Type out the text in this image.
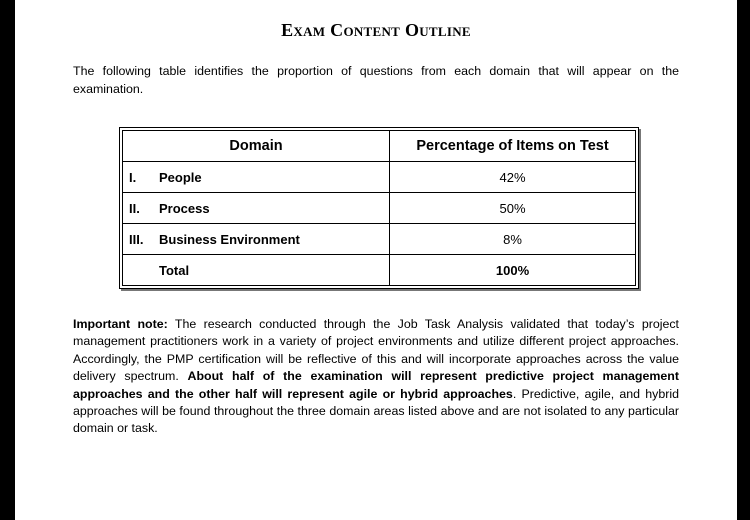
Exam Content Outline
The following table identifies the proportion of questions from each domain that will appear on the examination.
Domain	Percentage of Items on Test
I. People	42%
II. Process	50%
III. Business Environment	8%
Total	100%
Important note: The research conducted through the Job Task Analysis validated that today’s project management practitioners work in a variety of project environments and utilize different project approaches. Accordingly, the PMP certification will be reflective of this and will incorporate approaches across the value delivery spectrum. About half of the examination will represent predictive project management approaches and the other half will represent agile or hybrid approaches. Predictive, agile, and hybrid approaches will be found throughout the three domain areas listed above and are not isolated to any particular domain or task.
